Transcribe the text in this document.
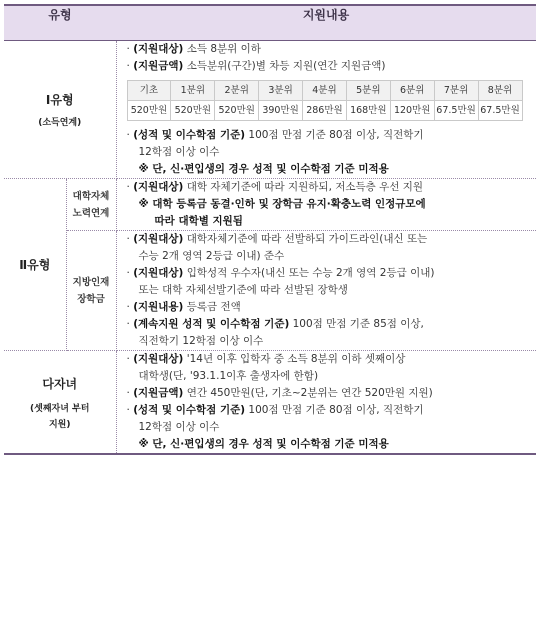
유형	지원내용

Ⅰ유형
(소득연계)

· (지원대상) 소득 8분위 이하
· (지원금액) 소득분위(구간)별 차등 지원(연간 지원금액)
기초	1분위	2분위	3분위	4분위	5분위	6분위	7분위	8분위
520만원	520만원	520만원	390만원	286만원	168만원	120만원	67.5만원	67.5만원
· (성적 및 이수학점 기준) 100점 만점 기준 80점 이상, 직전학기
12학점 이상 이수
※ 단, 신·편입생의 경우 성적 및 이수학점 기준 미적용

Ⅱ유형

대학자체
노력연계

· (지원대상) 대학 자체기준에 따라 지원하되, 저소득층 우선 지원
※ 대학 등록금 동결·인하 및 장학금 유지·확충노력 인정규모에
따라 대학별 지원됨

지방인재
장학금

· (지원대상) 대학자체기준에 따라 선발하되 가이드라인(내신 또는
수능 2개 영역 2등급 이내) 준수
· (지원대상) 입학성적 우수자(내신 또는 수능 2개 영역 2등급 이내)
또는 대학 자체선발기준에 따라 선발된 장학생
· (지원내용) 등록금 전액
· (계속지원 성적 및 이수학점 기준) 100점 만점 기준 85점 이상,
직전학기 12학점 이상 이수

다자녀
(셋째자녀 부터
지원)

· (지원대상) '14년 이후 입학자 중 소득 8분위 이하 셋째이상
대학생(단, '93.1.1이후 출생자에 한함)
· (지원금액) 연간 450만원(단, 기초~2분위는 연간 520만원 지원)
· (성적 및 이수학점 기준) 100점 만점 기준 80점 이상, 직전학기
12학점 이상 이수
※ 단, 신·편입생의 경우 성적 및 이수학점 기준 미적용
